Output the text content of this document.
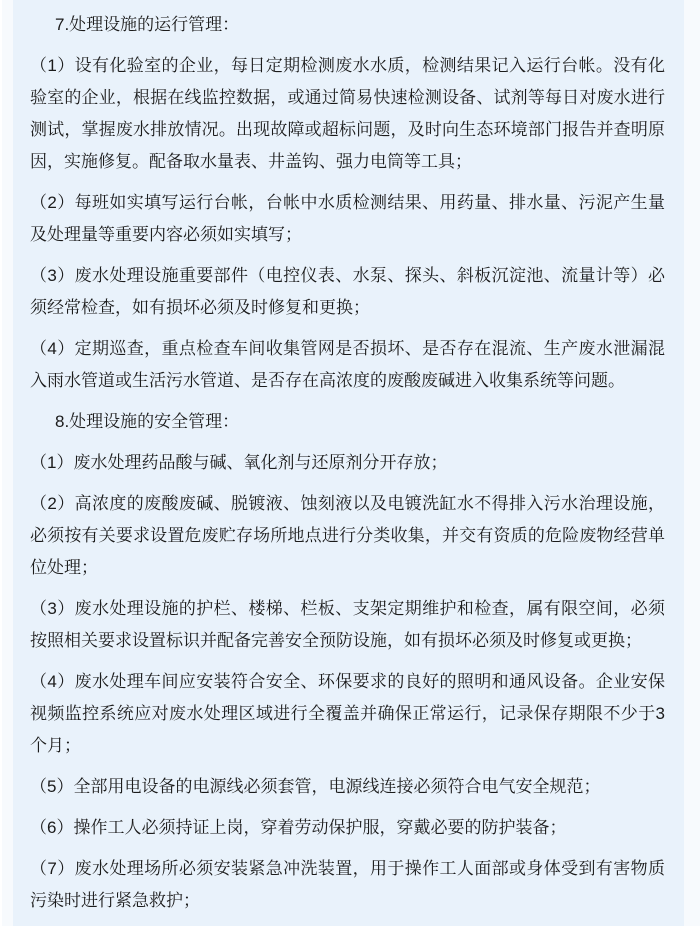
7.处理设施的运行管理：

（1）设有化验室的企业，每日定期检测废水水质，检测结果记入运行台帐。没有化验室的企业，根据在线监控数据，或通过简易快速检测设备、试剂等每日对废水进行测试，掌握废水排放情况。出现故障或超标问题，及时向生态环境部门报告并查明原因，实施修复。配备取水量表、井盖钩、强力电筒等工具；

（2）每班如实填写运行台帐，台帐中水质检测结果、用药量、排水量、污泥产生量及处理量等重要内容必须如实填写；

（3）废水处理设施重要部件（电控仪表、水泵、探头、斜板沉淀池、流量计等）必须经常检查，如有损坏必须及时修复和更换；

（4）定期巡查，重点检查车间收集管网是否损坏、是否存在混流、生产废水泄漏混入雨水管道或生活污水管道、是否存在高浓度的废酸废碱进入收集系统等问题。

8.处理设施的安全管理：

（1）废水处理药品酸与碱、氧化剂与还原剂分开存放；

（2）高浓度的废酸废碱、脱镀液、蚀刻液以及电镀洗缸水不得排入污水治理设施，必须按有关要求设置危废贮存场所地点进行分类收集，并交有资质的危险废物经营单位处理；

（3）废水处理设施的护栏、楼梯、栏板、支架定期维护和检查，属有限空间，必须按照相关要求设置标识并配备完善安全预防设施，如有损坏必须及时修复或更换；

（4）废水处理车间应安装符合安全、环保要求的良好的照明和通风设备。企业安保视频监控系统应对废水处理区域进行全覆盖并确保正常运行，记录保存期限不少于3个月；

（5）全部用电设备的电源线必须套管，电源线连接必须符合电气安全规范；

（6）操作工人必须持证上岗，穿着劳动保护服，穿戴必要的防护装备；

（7）废水处理场所必须安装紧急冲洗装置，用于操作工人面部或身体受到有害物质污染时进行紧急救护；
